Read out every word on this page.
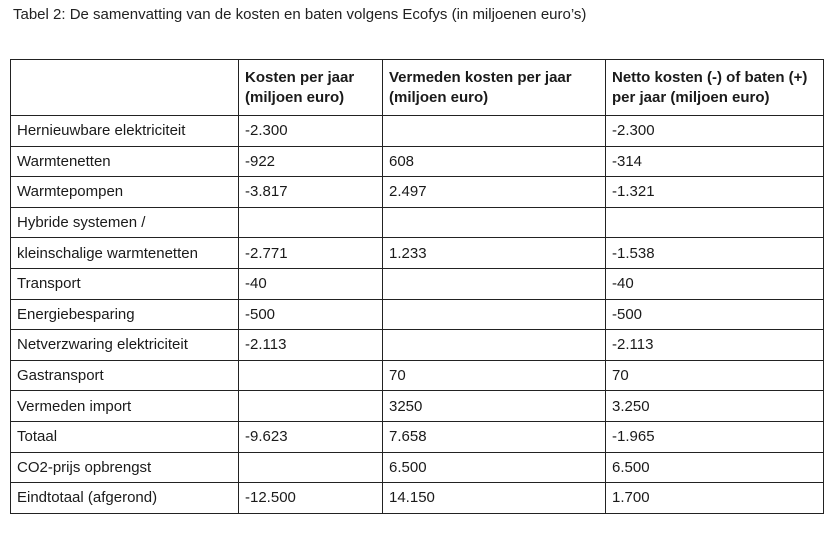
Tabel 2: De samenvatting van de kosten en baten volgens Ecofys (in miljoenen euro’s)
	Kosten per jaar (miljoen euro)	Vermeden kosten per jaar (miljoen euro)	Netto kosten (-) of baten (+) per jaar (miljoen euro)
Hernieuwbare elektriciteit	-2.300		-2.300
Warmtenetten	-922	608	-314
Warmtepompen	-3.817	2.497	-1.321
Hybride systemen /			
kleinschalige warmtenetten	-2.771	1.233	-1.538
Transport	-40		-40
Energiebesparing	-500		-500
Netverzwaring elektriciteit	-2.113		-2.113
Gastransport		70	70
Vermeden import		3250	3.250
Totaal	-9.623	7.658	-1.965
CO2-prijs opbrengst		6.500	6.500
Eindtotaal (afgerond)	-12.500	14.150	1.700
